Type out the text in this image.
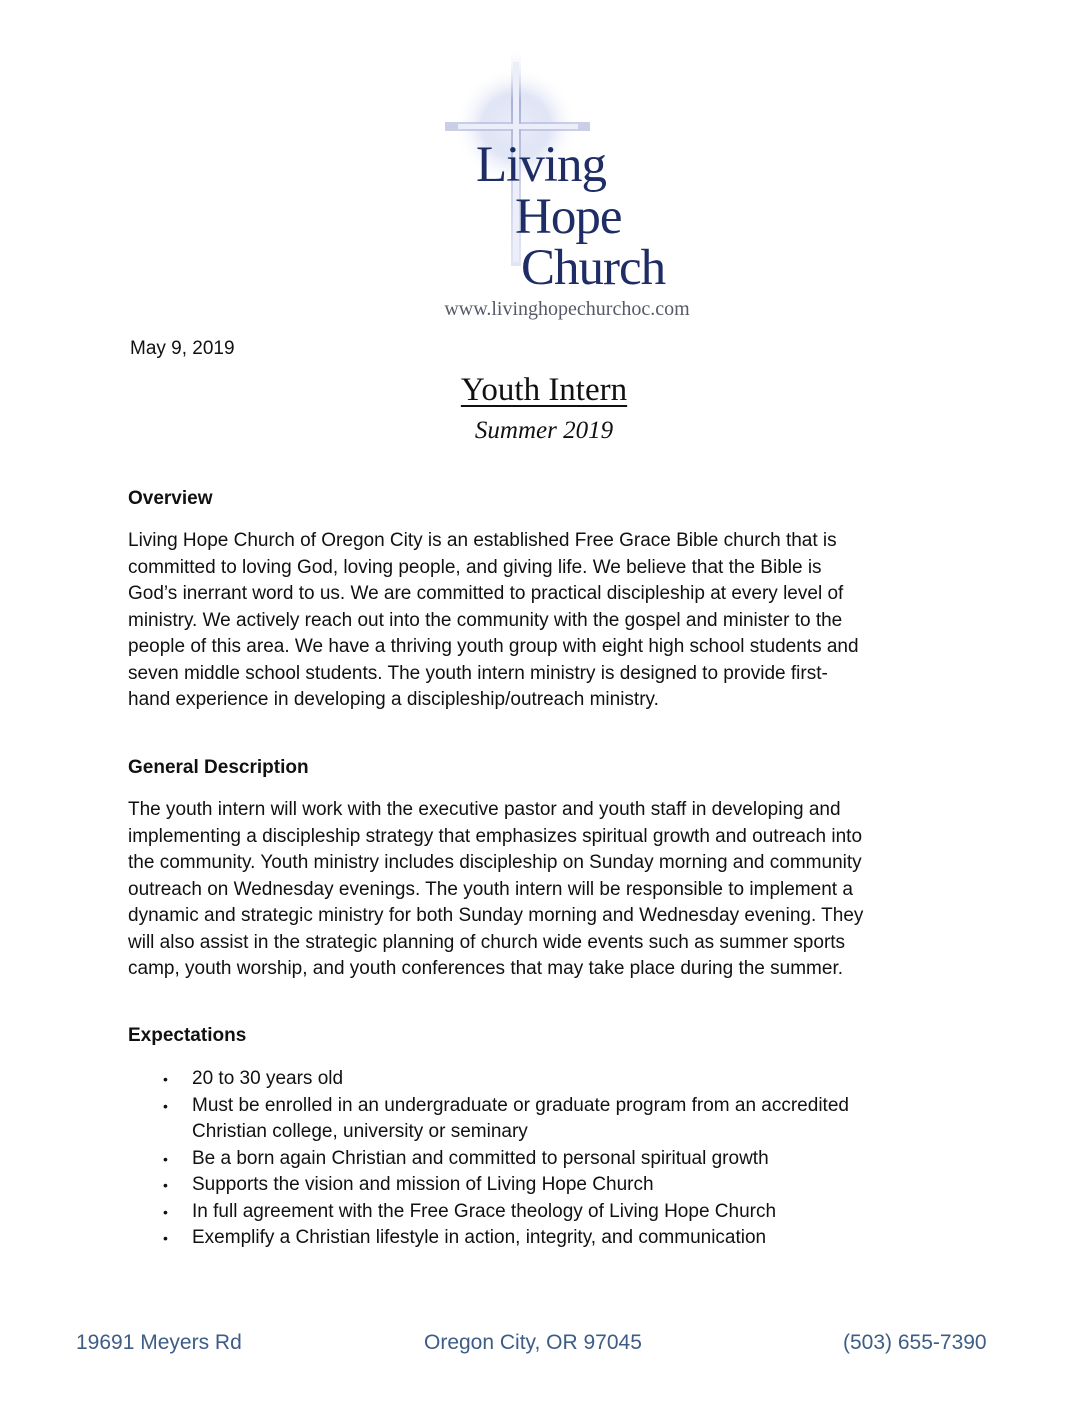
Living
Hope
Church
www.livinghopechurchoc.com
May 9, 2019
Youth Intern
Summer 2019
Overview
Living Hope Church of Oregon City is an established Free Grace Bible church that is
committed to loving God, loving people, and giving life. We believe that the Bible is
God’s inerrant word to us. We are committed to practical discipleship at every level of
ministry. We actively reach out into the community with the gospel and minister to the
people of this area. We have a thriving youth group with eight high school students and
seven middle school students. The youth intern ministry is designed to provide first-
hand experience in developing a discipleship/outreach ministry.
General Description
The youth intern will work with the executive pastor and youth staff in developing and
implementing a discipleship strategy that emphasizes spiritual growth and outreach into
the community. Youth ministry includes discipleship on Sunday morning and community
outreach on Wednesday evenings. The youth intern will be responsible to implement a
dynamic and strategic ministry for both Sunday morning and Wednesday evening. They
will also assist in the strategic planning of church wide events such as summer sports
camp, youth worship, and youth conferences that may take place during the summer.
Expectations
• 20 to 30 years old
• Must be enrolled in an undergraduate or graduate program from an accredited
Christian college, university or seminary
• Be a born again Christian and committed to personal spiritual growth
• Supports the vision and mission of Living Hope Church
• In full agreement with the Free Grace theology of Living Hope Church
• Exemplify a Christian lifestyle in action, integrity, and communication
19691 Meyers Rd	Oregon City, OR 97045	(503) 655-7390
